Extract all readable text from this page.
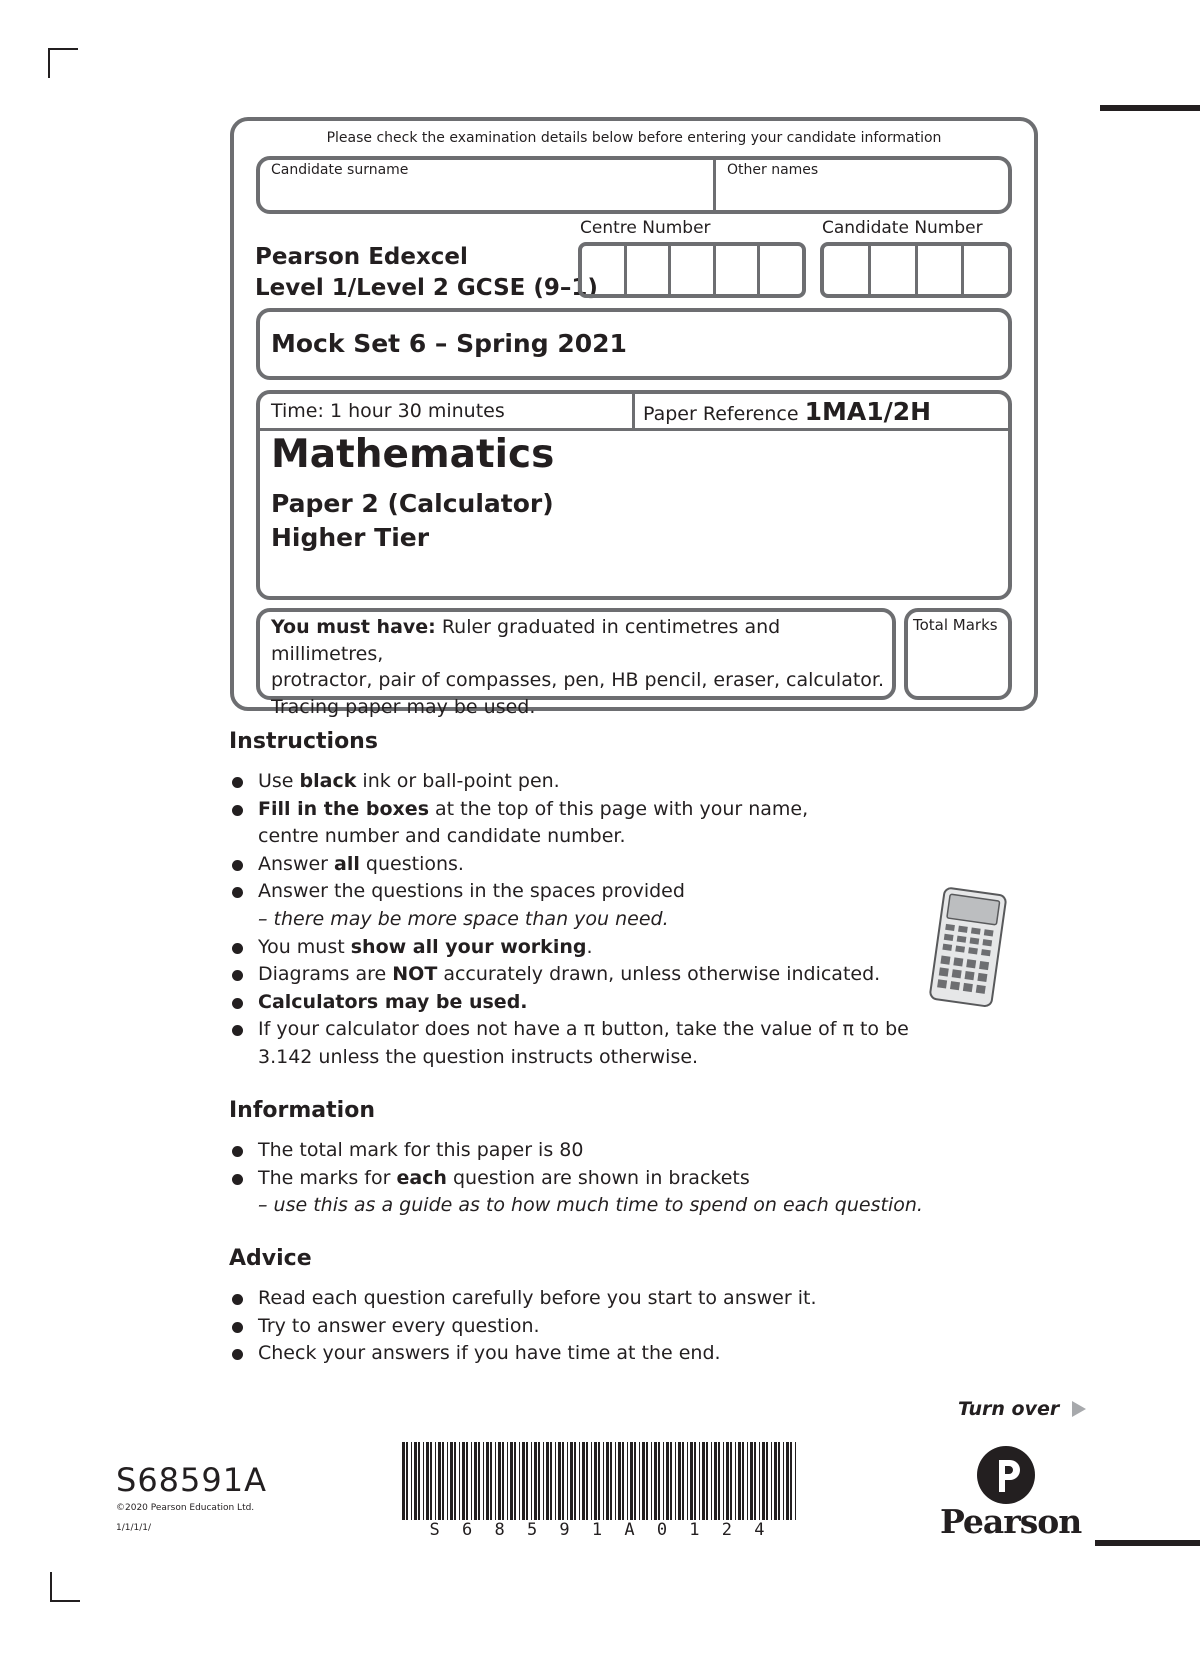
Please check the examination details below before entering your candidate information
Candidate surname	Other names
Pearson Edexcel
Level 1/Level 2 GCSE (9–1)
Centre Number	Candidate Number
Mock Set 6 – Spring 2021
Time: 1 hour 30 minutes	Paper Reference 1MA1/2H
Mathematics
Paper 2 (Calculator)
Higher Tier
You must have: Ruler graduated in centimetres and millimetres,
protractor, pair of compasses, pen, HB pencil, eraser, calculator.
Tracing paper may be used.
Total Marks
Instructions
Use black ink or ball-point pen.
Fill in the boxes at the top of this page with your name,
centre number and candidate number.
Answer all questions.
Answer the questions in the spaces provided
– there may be more space than you need.
You must show all your working.
Diagrams are NOT accurately drawn, unless otherwise indicated.
Calculators may be used.
If your calculator does not have a π button, take the value of π to be
3.142 unless the question instructs otherwise.
Information
The total mark for this paper is 80
The marks for each question are shown in brackets
– use this as a guide as to how much time to spend on each question.
Advice
Read each question carefully before you start to answer it.
Try to answer every question.
Check your answers if you have time at the end.
Turn over
S68591A
©2020 Pearson Education Ltd.
1/1/1/1/	S 6 8 5 9 1 A 0 1 2 4	Pearson
